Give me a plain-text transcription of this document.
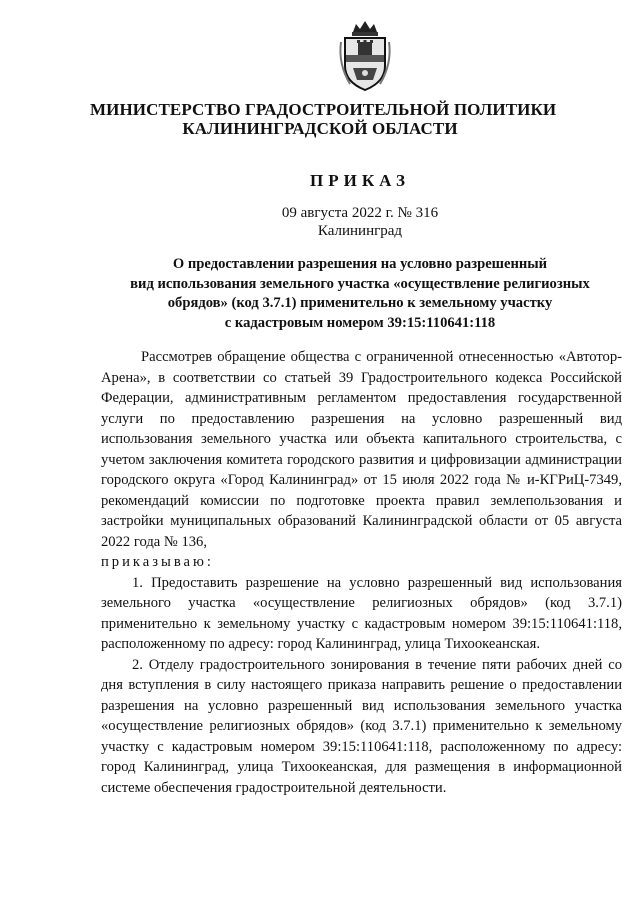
МИНИСТЕРСТВО ГРАДОСТРОИТЕЛЬНОЙ ПОЛИТИКИ
КАЛИНИНГРАДСКОЙ ОБЛАСТИ
ПРИКАЗ
09 августа 2022 г. № 316
Калининград
О предоставлении разрешения на условно разрешенный
вид использования земельного участка «осуществление религиозных
обрядов» (код 3.7.1) применительно к земельному участку
с кадастровым номером 39:15:110641:118

Рассмотрев обращение общества с ограниченной отнесенностью «Автотор-Арена», в соответствии со статьей 39 Градостроительного кодекса Российской Федерации, административным регламентом предоставления государственной услуги по предоставлению разрешения на условно разрешенный вид использования земельного участка или объекта капитального строительства, с учетом заключения комитета городского развития и цифровизации администрации городского округа «Город Калининград» от 15 июля 2022 года № и-КГРиЦ-7349, рекомендаций комиссии по подготовке проекта правил землепользования и застройки муниципальных образований Калининградской области от 05 августа 2022 года № 136,

приказываю:

1. Предоставить разрешение на условно разрешенный вид использования земельного участка «осуществление религиозных обрядов» (код 3.7.1) применительно к земельному участку с кадастровым номером 39:15:110641:118, расположенному по адресу: город Калининград, улица Тихоокеанская.

2. Отделу градостроительного зонирования в течение пяти рабочих дней со дня вступления в силу настоящего приказа направить решение о предоставлении разрешения на условно разрешенный вид использования земельного участка «осуществление религиозных обрядов» (код 3.7.1) применительно к земельному участку с кадастровым номером 39:15:110641:118, расположенному по адресу: город Калининград, улица Тихоокеанская, для размещения в информационной системе обеспечения градостроительной деятельности.
